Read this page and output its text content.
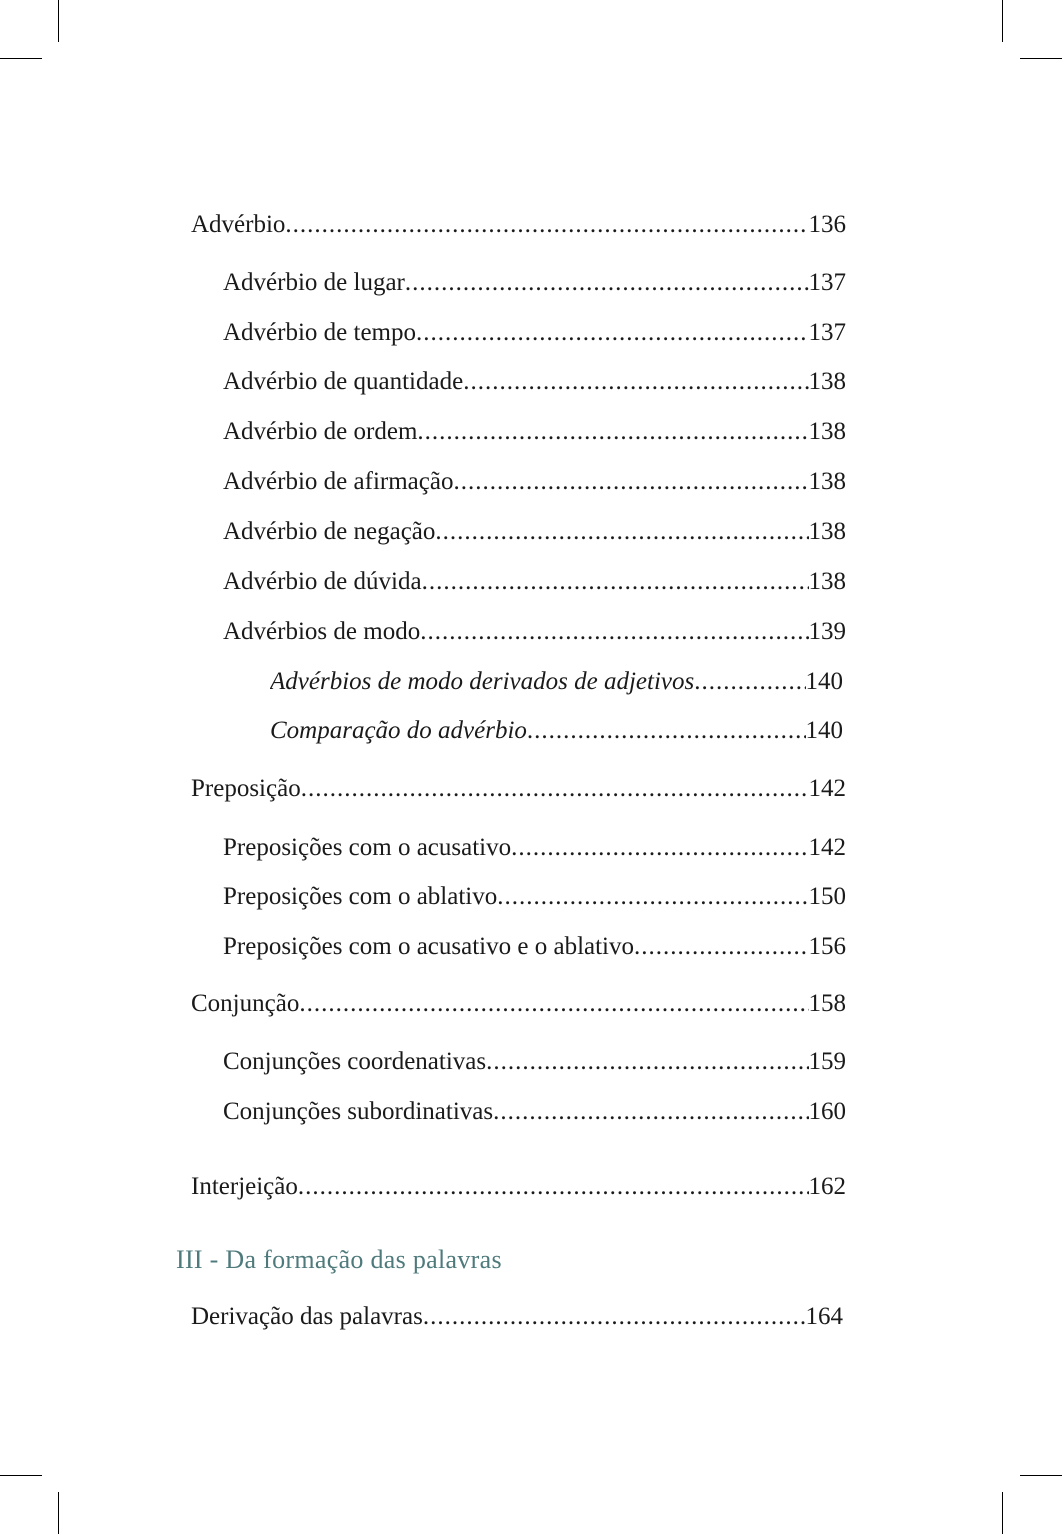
Advérbio .....	136
Advérbio de lugar .....	137
Advérbio de tempo .....	137
Advérbio de quantidade .....	138
Advérbio de ordem .....	138
Advérbio de afirmação .....	138
Advérbio de negação .....	138
Advérbio de dúvida .....	138
Advérbios de modo .....	139
Advérbios de modo derivados de adjetivos .....	140
Comparação do advérbio .....	140
Preposição .....	142
Preposições com o acusativo .....	142
Preposições com o ablativo .....	150
Preposições com o acusativo e o ablativo .....	156
Conjunção .....	158
Conjunções coordenativas .....	159
Conjunções subordinativas .....	160
Interjeição .....	162
III - Da formação das palavras
Derivação das palavras .....	164
